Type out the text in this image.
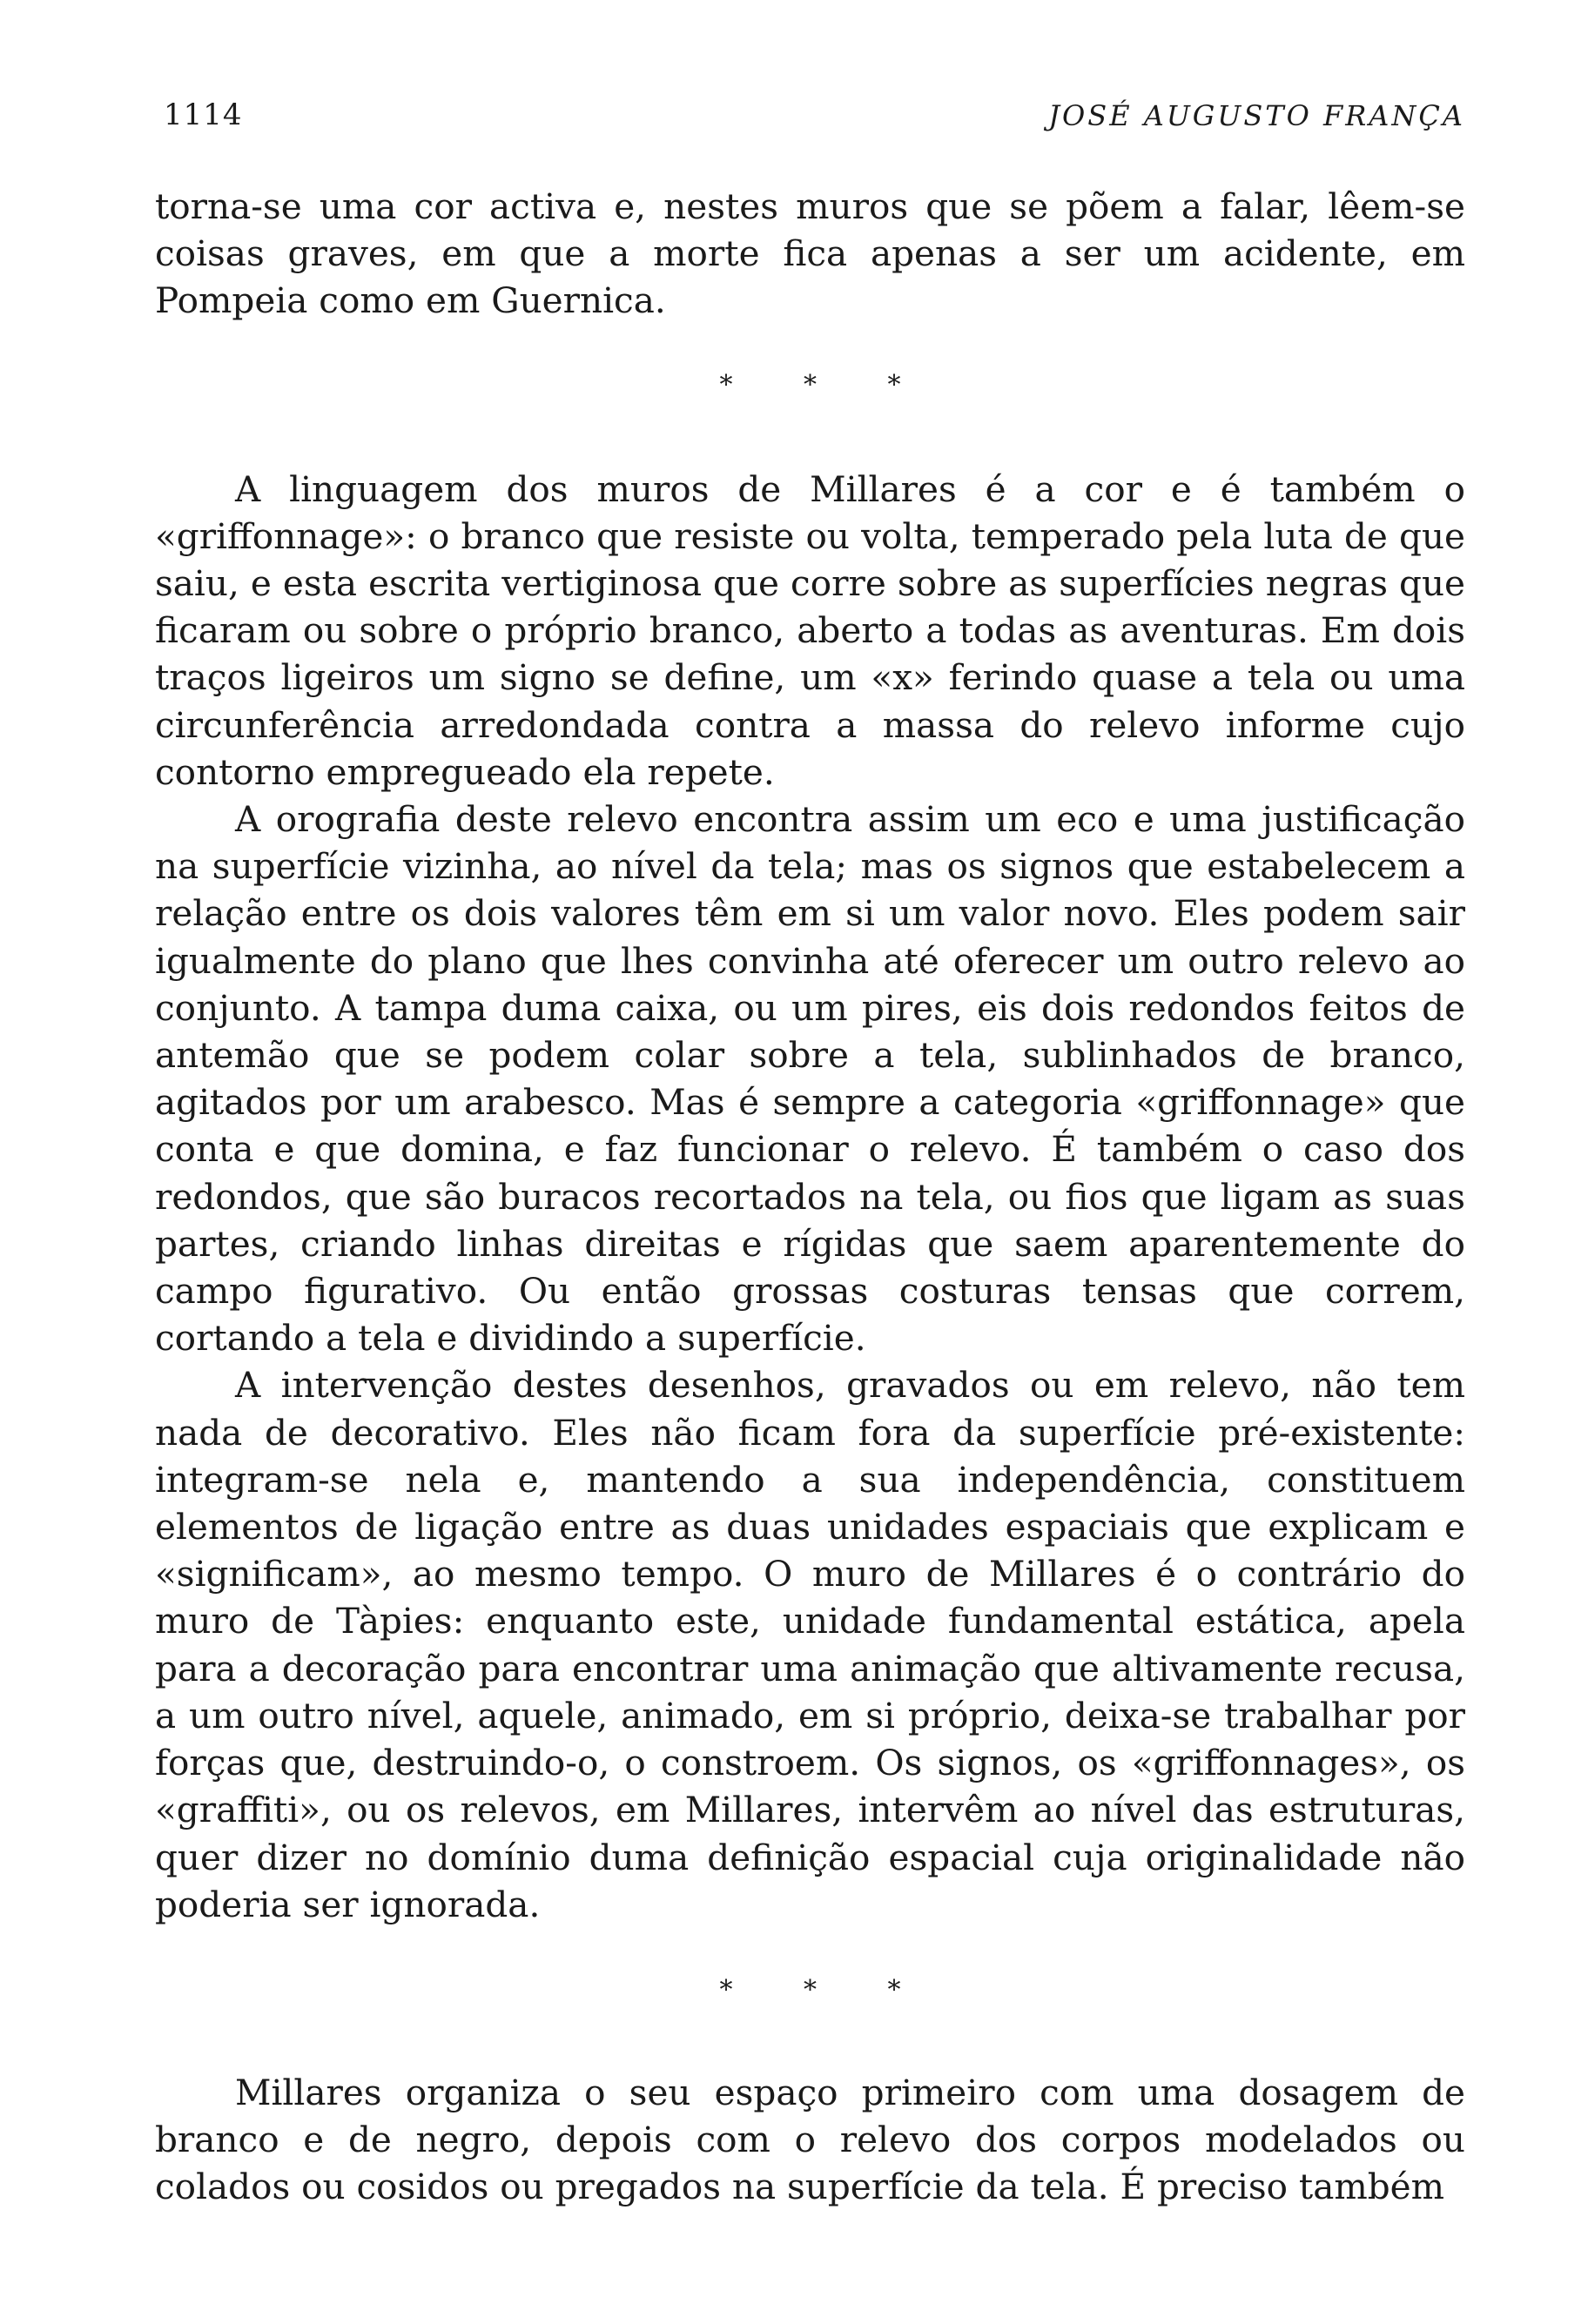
1114	JOSÉ AUGUSTO FRANÇA

torna-se uma cor activa e, nestes muros que se põem a falar, lêem-se coisas graves, em que a morte fica apenas a ser um acidente, em Pompeia como em Guernica.

* * *

A linguagem dos muros de Millares é a cor e é também o «griffonnage»: o branco que resiste ou volta, temperado pela luta de que saiu, e esta escrita vertiginosa que corre sobre as superfícies negras que ficaram ou sobre o próprio branco, aberto a todas as aventuras. Em dois traços ligeiros um signo se define, um «x» ferindo quase a tela ou uma circunferência arredondada contra a massa do relevo informe cujo contorno empregueado ela repete.

A orografia deste relevo encontra assim um eco e uma justificação na superfície vizinha, ao nível da tela; mas os signos que estabelecem a relação entre os dois valores têm em si um valor novo. Eles podem sair igualmente do plano que lhes convinha até oferecer um outro relevo ao conjunto. A tampa duma caixa, ou um pires, eis dois redondos feitos de antemão que se podem colar sobre a tela, sublinhados de branco, agitados por um arabesco. Mas é sempre a categoria «griffonnage» que conta e que domina, e faz funcionar o relevo. É também o caso dos redondos, que são buracos recortados na tela, ou fios que ligam as suas partes, criando linhas direitas e rígidas que saem aparentemente do campo figurativo. Ou então grossas costuras tensas que correm, cortando a tela e dividindo a superfície.

A intervenção destes desenhos, gravados ou em relevo, não tem nada de decorativo. Eles não ficam fora da superfície pré-existente: integram-se nela e, mantendo a sua independência, constituem elementos de ligação entre as duas unidades espaciais que explicam e «significam», ao mesmo tempo. O muro de Millares é o contrário do muro de Tàpies: enquanto este, unidade fundamental estática, apela para a decoração para encontrar uma animação que altivamente recusa, a um outro nível, aquele, animado, em si próprio, deixa-se trabalhar por forças que, destruindo-o, o constroem. Os signos, os «griffonnages», os «graffiti», ou os relevos, em Millares, intervêm ao nível das estruturas, quer dizer no domínio duma definição espacial cuja originalidade não poderia ser ignorada.

* * *

Millares organiza o seu espaço primeiro com uma dosagem de branco e de negro, depois com o relevo dos corpos modelados ou colados ou cosidos ou pregados na superfície da tela. É preciso também
